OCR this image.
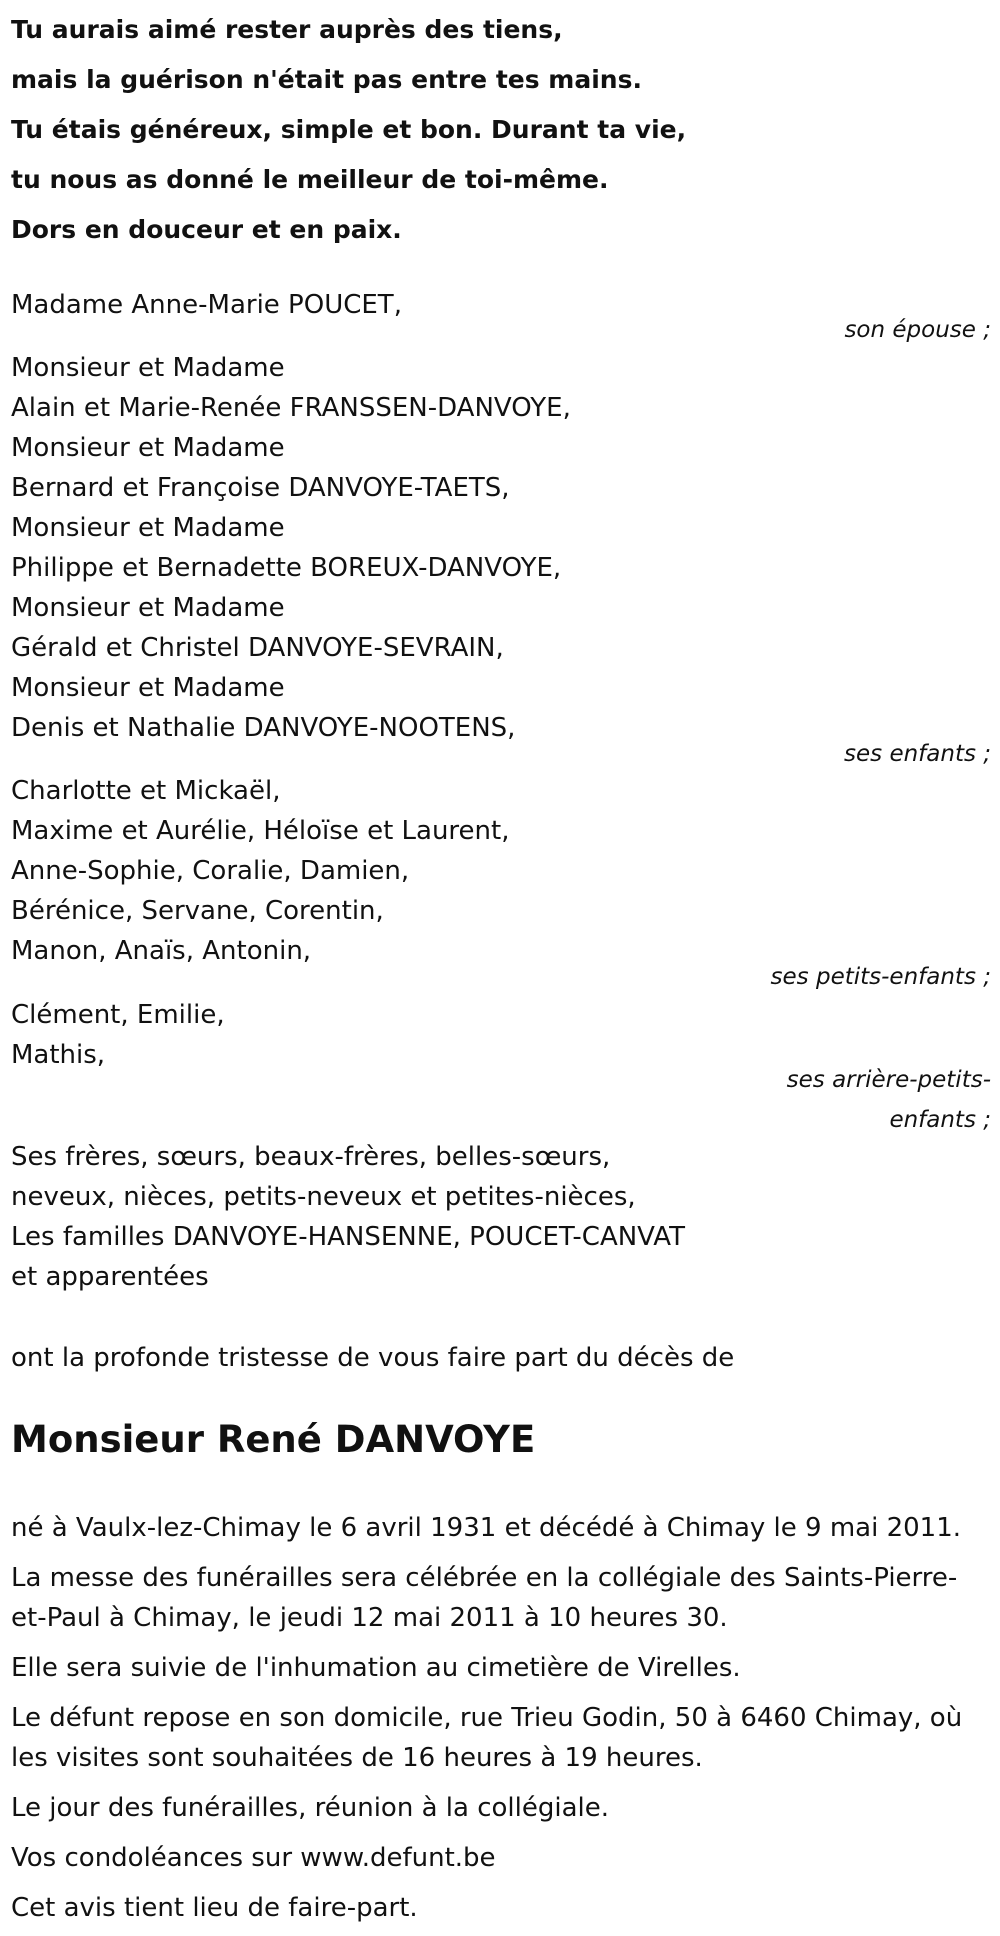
Tu aurais aimé rester auprès des tiens,
mais la guérison n'était pas entre tes mains.
Tu étais généreux, simple et bon. Durant ta vie,
tu nous as donné le meilleur de toi-même.
Dors en douceur et en paix.
Madame Anne-Marie POUCET,
son épouse ;
Monsieur et Madame
Alain et Marie-Renée FRANSSEN-DANVOYE,
Monsieur et Madame
Bernard et Françoise DANVOYE-TAETS,
Monsieur et Madame
Philippe et Bernadette BOREUX-DANVOYE,
Monsieur et Madame
Gérald et Christel DANVOYE-SEVRAIN,
Monsieur et Madame
Denis et Nathalie DANVOYE-NOOTENS,
ses enfants ;
Charlotte et Mickaël,
Maxime et Aurélie, Héloïse et Laurent,
Anne-Sophie, Coralie, Damien,
Bérénice, Servane, Corentin,
Manon, Anaïs, Antonin,
ses petits-enfants ;
Clément, Emilie,
Mathis,
ses arrière-petits-
enfants ;
Ses frères, sœurs, beaux-frères, belles-sœurs,
neveux, nièces, petits-neveux et petites-nièces,
Les familles DANVOYE-HANSENNE, POUCET-CANVAT
et apparentées
ont la profonde tristesse de vous faire part du décès de
Monsieur René DANVOYE
né à Vaulx-lez-Chimay le 6 avril 1931 et décédé à Chimay le 9 mai 2011.
La messe des funérailles sera célébrée en la collégiale des Saints-Pierre-
et-Paul à Chimay, le jeudi 12 mai 2011 à 10 heures 30.
Elle sera suivie de l'inhumation au cimetière de Virelles.
Le défunt repose en son domicile, rue Trieu Godin, 50 à 6460 Chimay, où
les visites sont souhaitées de 16 heures à 19 heures.
Le jour des funérailles, réunion à la collégiale.
Vos condoléances sur www.defunt.be
Cet avis tient lieu de faire-part.
